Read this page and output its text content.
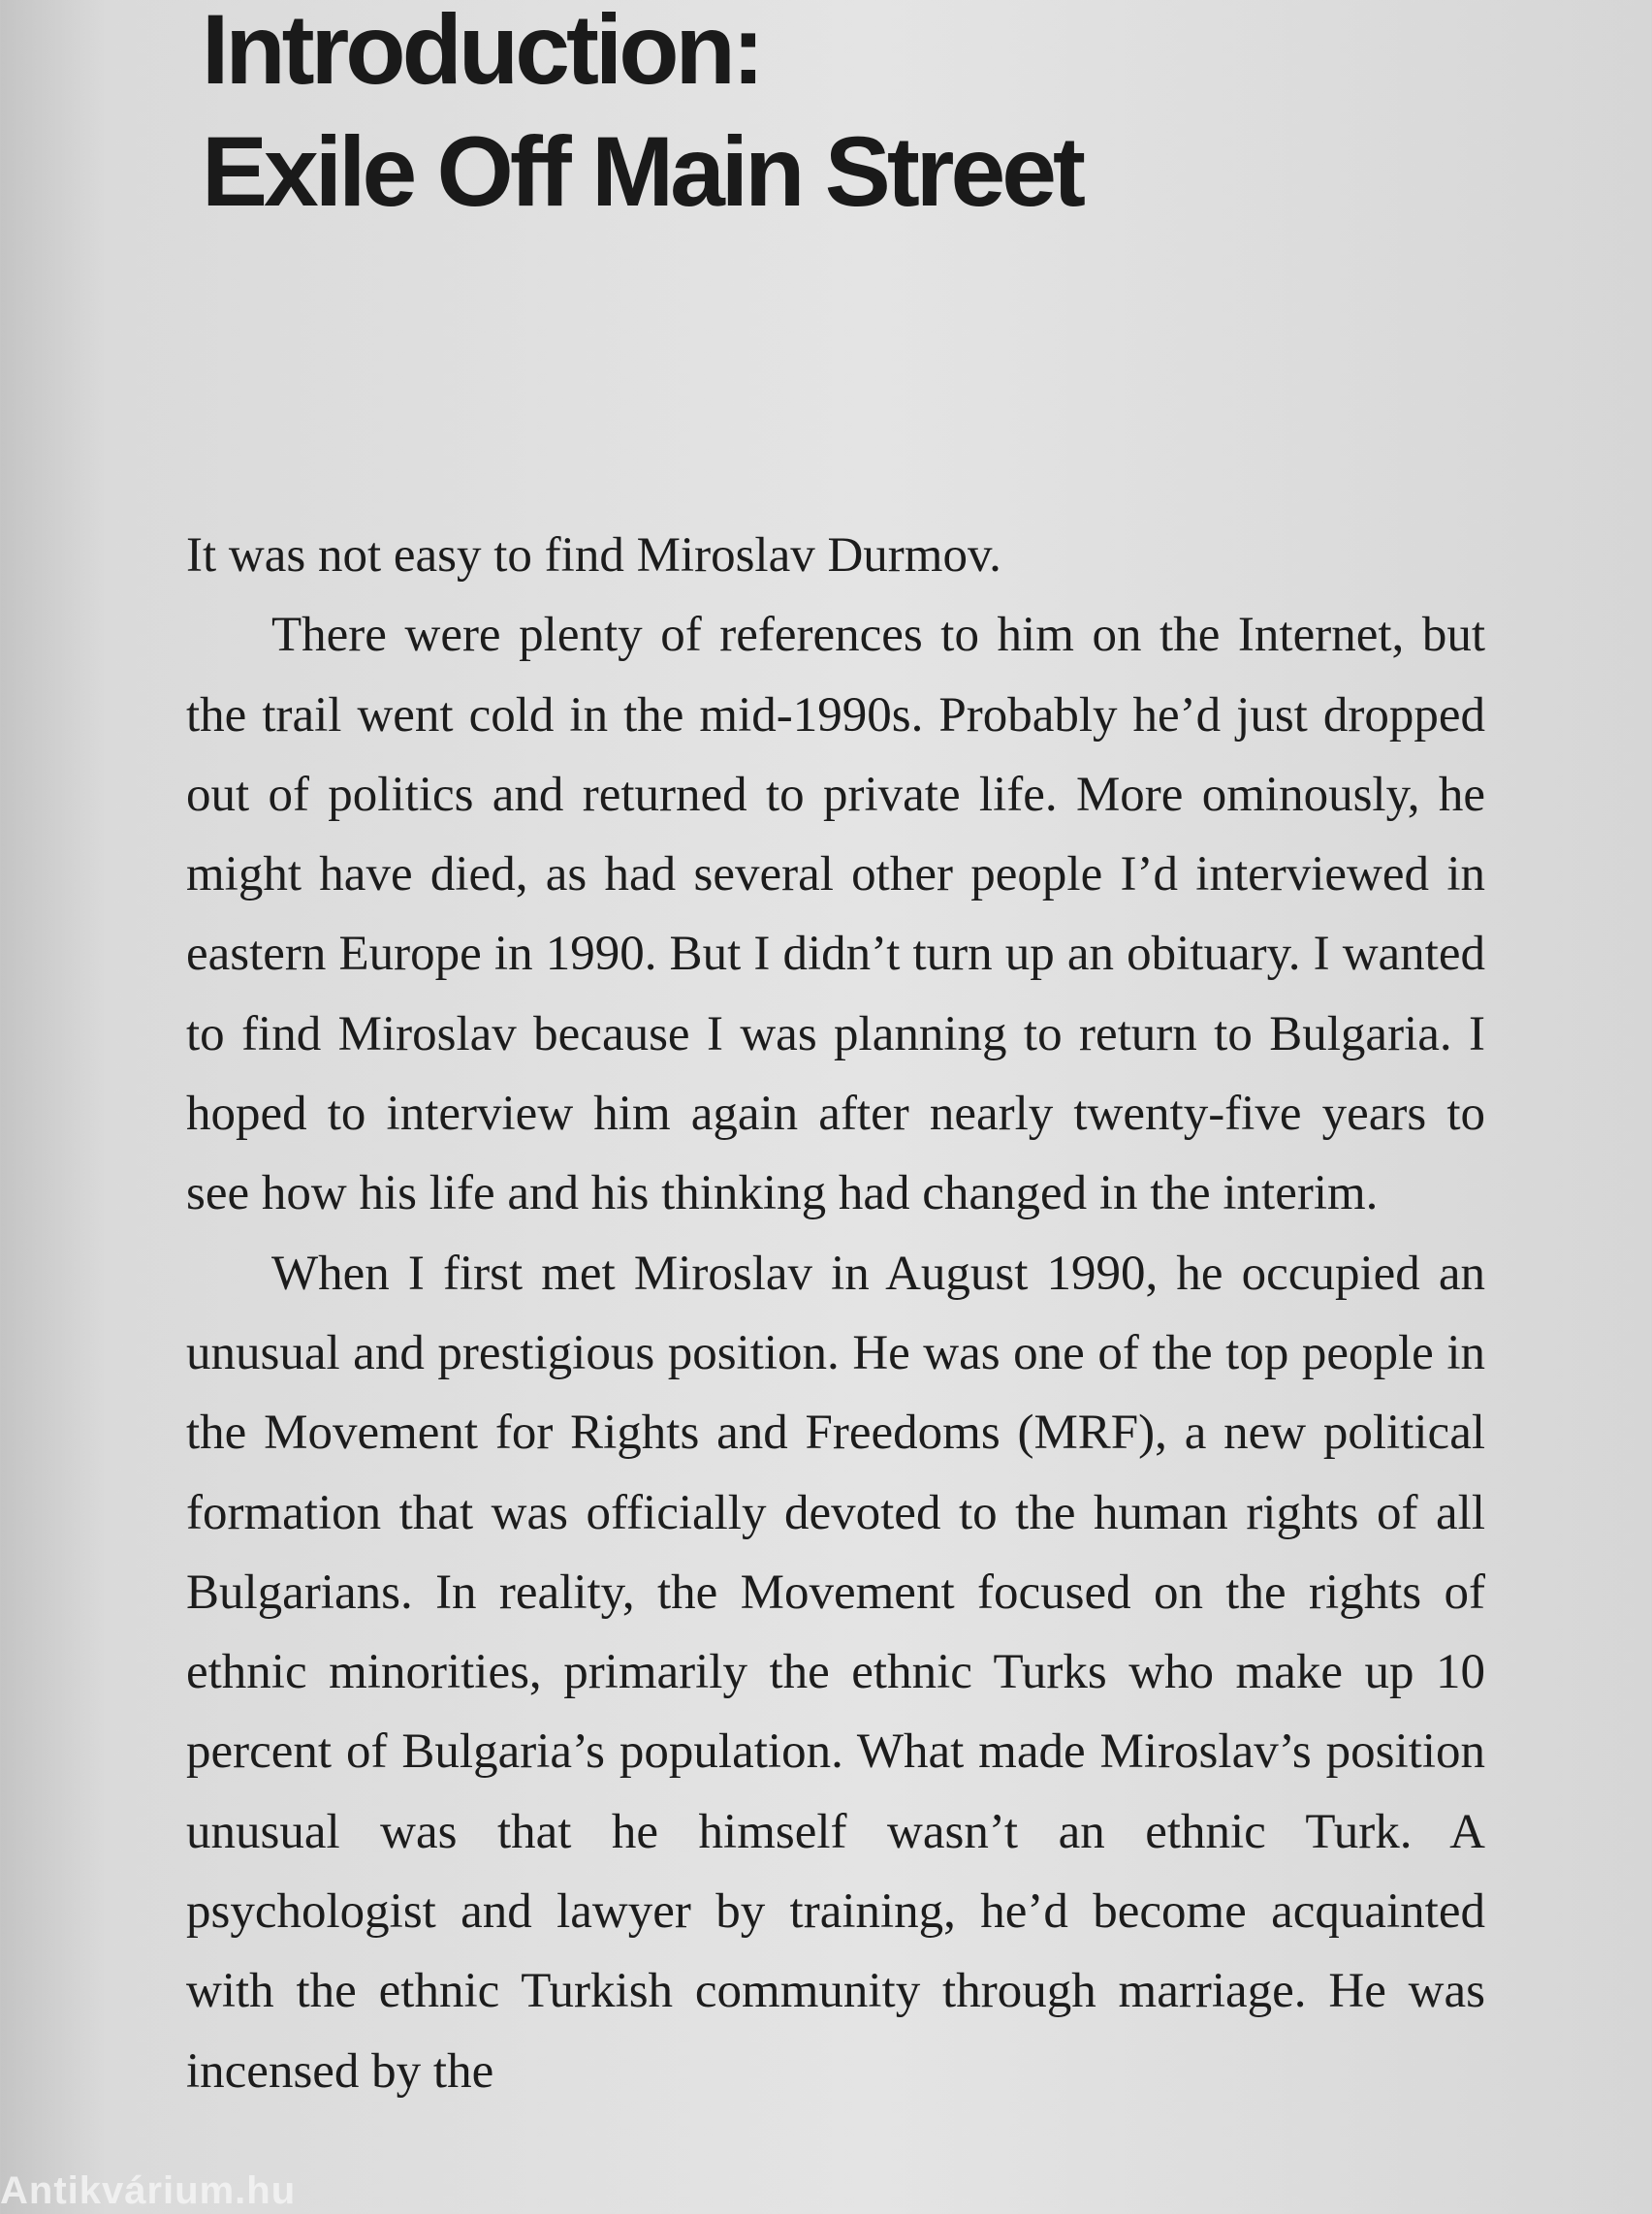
Introduction:
Exile Off Main Street

It was not easy to find Miroslav Durmov.

There were plenty of references to him on the Internet, but the trail went cold in the mid-1990s. Probably he’d just dropped out of politics and returned to private life. More ominously, he might have died, as had several other people I’d interviewed in eastern Europe in 1990. But I didn’t turn up an obituary. I wanted to find Miroslav because I was planning to return to Bulgaria. I hoped to interview him again after nearly twenty-five years to see how his life and his thinking had changed in the interim.

When I first met Miroslav in August 1990, he occupied an unusual and prestigious position. He was one of the top people in the Movement for Rights and Freedoms (MRF), a new political formation that was officially devoted to the human rights of all Bulgarians. In reality, the Movement focused on the rights of ethnic minorities, primarily the ethnic Turks who make up 10 percent of Bulgaria’s population. What made Miroslav’s position unusual was that he himself wasn’t an ethnic Turk. A psychologist and lawyer by training, he’d become acquainted with the ethnic Turkish community through marriage. He was incensed by the

Antikvárium.hu
